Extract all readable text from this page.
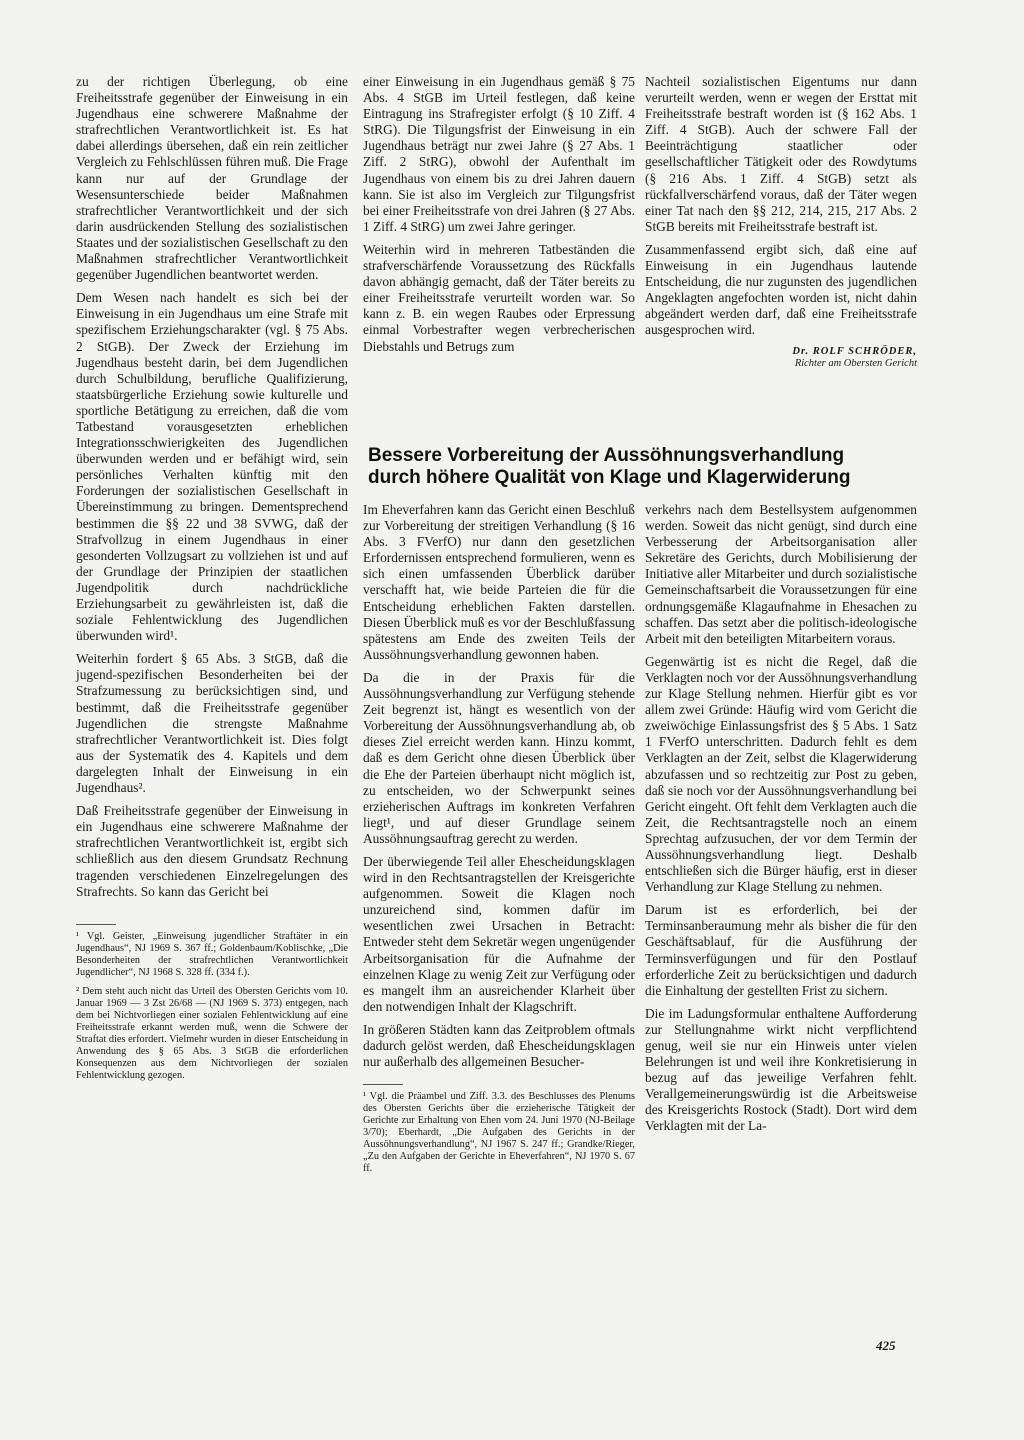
zu der richtigen Überlegung, ob eine Freiheitsstrafe gegenüber der Einweisung in ein Jugendhaus eine schwerere Maßnahme der strafrechtlichen Verantwortlichkeit ist. Es hat dabei allerdings übersehen, daß ein rein zeitlicher Vergleich zu Fehlschlüssen führen muß. Die Frage kann nur auf der Grundlage der Wesensunterschiede beider Maßnahmen strafrechtlicher Verantwortlichkeit und der sich darin ausdrückenden Stellung des sozialistischen Staates und der sozialistischen Gesellschaft zu den Maßnahmen strafrechtlicher Verantwortlichkeit gegenüber Jugendlichen beantwortet werden.

Dem Wesen nach handelt es sich bei der Einweisung in ein Jugendhaus um eine Strafe mit spezifischem Erziehungscharakter (vgl. § 75 Abs. 2 StGB). Der Zweck der Erziehung im Jugendhaus besteht darin, bei dem Jugendlichen durch Schulbildung, berufliche Qualifizierung, staatsbürgerliche Erziehung sowie kulturelle und sportliche Betätigung zu erreichen, daß die vom Tatbestand vorausgesetzten erheblichen Integrationsschwierigkeiten des Jugendlichen überwunden werden und er befähigt wird, sein persönliches Verhalten künftig mit den Forderungen der sozialistischen Gesellschaft in Übereinstimmung zu bringen. Dementsprechend bestimmen die §§ 22 und 38 SVWG, daß der Strafvollzug in einem Jugendhaus in einer gesonderten Vollzugsart zu vollziehen ist und auf der Grundlage der Prinzipien der staatlichen Jugendpolitik durch nachdrückliche Erziehungsarbeit zu gewährleisten ist, daß die soziale Fehlentwicklung des Jugendlichen überwunden wird¹.

Weiterhin fordert § 65 Abs. 3 StGB, daß die jugend-spezifischen Besonderheiten bei der Strafzumessung zu berücksichtigen sind, und bestimmt, daß die Freiheitsstrafe gegenüber Jugendlichen die strengste Maßnahme strafrechtlicher Verantwortlichkeit ist. Dies folgt aus der Systematik des 4. Kapitels und dem dargelegten Inhalt der Einweisung in ein Jugendhaus².

Daß Freiheitsstrafe gegenüber der Einweisung in ein Jugendhaus eine schwerere Maßnahme der strafrechtlichen Verantwortlichkeit ist, ergibt sich schließlich aus den diesem Grundsatz Rechnung tragenden verschiedenen Einzelregelungen des Strafrechts. So kann das Gericht bei

¹ Vgl. Geister, „Einweisung jugendlicher Straftäter in ein Jugendhaus“, NJ 1969 S. 367 ff.; Goldenbaum/Koblischke, „Die Besonderheiten der strafrechtlichen Verantwortlichkeit Jugendlicher“, NJ 1968 S. 328 ff. (334 f.).

² Dem steht auch nicht das Urteil des Obersten Gerichts vom 10. Januar 1969 — 3 Zst 26/68 — (NJ 1969 S. 373) entgegen, nach dem bei Nichtvorliegen einer sozialen Fehlentwicklung auf eine Freiheitsstrafe erkannt werden muß, wenn die Schwere der Straftat dies erfordert. Vielmehr wurden in dieser Entscheidung in Anwendung des § 65 Abs. 3 StGB die erforderlichen Konsequenzen aus dem Nichtvorliegen der sozialen Fehlentwicklung gezogen.

einer Einweisung in ein Jugendhaus gemäß § 75 Abs. 4 StGB im Urteil festlegen, daß keine Eintragung ins Strafregister erfolgt (§ 10 Ziff. 4 StRG). Die Tilgungsfrist der Einweisung in ein Jugendhaus beträgt nur zwei Jahre (§ 27 Abs. 1 Ziff. 2 StRG), obwohl der Aufenthalt im Jugendhaus von einem bis zu drei Jahren dauern kann. Sie ist also im Vergleich zur Tilgungsfrist bei einer Freiheitsstrafe von drei Jahren (§ 27 Abs. 1 Ziff. 4 StRG) um zwei Jahre geringer.

Weiterhin wird in mehreren Tatbeständen die strafverschärfende Voraussetzung des Rückfalls davon abhängig gemacht, daß der Täter bereits zu einer Freiheitsstrafe verurteilt worden war. So kann z. B. ein wegen Raubes oder Erpressung einmal Vorbestrafter wegen verbrecherischen Diebstahls und Betrugs zum

Nachteil sozialistischen Eigentums nur dann verurteilt werden, wenn er wegen der Ersttat mit Freiheitsstrafe bestraft worden ist (§ 162 Abs. 1 Ziff. 4 StGB). Auch der schwere Fall der Beeinträchtigung staatlicher oder gesellschaftlicher Tätigkeit oder des Rowdytums (§ 216 Abs. 1 Ziff. 4 StGB) setzt als rückfallverschärfend voraus, daß der Täter wegen einer Tat nach den §§ 212, 214, 215, 217 Abs. 2 StGB bereits mit Freiheitsstrafe bestraft ist.

Zusammenfassend ergibt sich, daß eine auf Einweisung in ein Jugendhaus lautende Entscheidung, die nur zugunsten des jugendlichen Angeklagten angefochten worden ist, nicht dahin abgeändert werden darf, daß eine Freiheitsstrafe ausgesprochen wird.

Dr. ROLF SCHRÖDER,
Richter am Obersten Gericht
Bessere Vorbereitung der Aussöhnungsverhandlung
durch höhere Qualität von Klage und Klagerwiderung

Im Eheverfahren kann das Gericht einen Beschluß zur Vorbereitung der streitigen Verhandlung (§ 16 Abs. 3 FVerfO) nur dann den gesetzlichen Erfordernissen entsprechend formulieren, wenn es sich einen umfassenden Überblick darüber verschafft hat, wie beide Parteien die für die Entscheidung erheblichen Fakten darstellen. Diesen Überblick muß es vor der Beschlußfassung spätestens am Ende des zweiten Teils der Aussöhnungsverhandlung gewonnen haben.

Da die in der Praxis für die Aussöhnungsverhandlung zur Verfügung stehende Zeit begrenzt ist, hängt es wesentlich von der Vorbereitung der Aussöhnungsverhandlung ab, ob dieses Ziel erreicht werden kann. Hinzu kommt, daß es dem Gericht ohne diesen Überblick über die Ehe der Parteien überhaupt nicht möglich ist, zu entscheiden, wo der Schwerpunkt seines erzieherischen Auftrags im konkreten Verfahren liegt¹, und auf dieser Grundlage seinem Aussöhnungsauftrag gerecht zu werden.

Der überwiegende Teil aller Ehescheidungsklagen wird in den Rechtsantragstellen der Kreisgerichte aufgenommen. Soweit die Klagen noch unzureichend sind, kommen dafür im wesentlichen zwei Ursachen in Betracht: Entweder steht dem Sekretär wegen ungenügender Arbeitsorganisation für die Aufnahme der einzelnen Klage zu wenig Zeit zur Verfügung oder es mangelt ihm an ausreichender Klarheit über den notwendigen Inhalt der Klagschrift.

In größeren Städten kann das Zeitproblem oftmals dadurch gelöst werden, daß Ehescheidungsklagen nur außerhalb des allgemeinen Besucher-

¹ Vgl. die Präambel und Ziff. 3.3. des Beschlusses des Plenums des Obersten Gerichts über die erzieherische Tätigkeit der Gerichte zur Erhaltung von Ehen vom 24. Juni 1970 (NJ-Beilage 3/70); Eberhardt, „Die Aufgaben des Gerichts in der Aussöhnungsverhandlung“, NJ 1967 S. 247 ff.; Grandke/Rieger, „Zu den Aufgaben der Gerichte in Eheverfahren“, NJ 1970 S. 67 ff.

verkehrs nach dem Bestellsystem aufgenommen werden. Soweit das nicht genügt, sind durch eine Verbesserung der Arbeitsorganisation aller Sekretäre des Gerichts, durch Mobilisierung der Initiative aller Mitarbeiter und durch sozialistische Gemeinschaftsarbeit die Voraussetzungen für eine ordnungsgemäße Klagaufnahme in Ehesachen zu schaffen. Das setzt aber die politisch-ideologische Arbeit mit den beteiligten Mitarbeitern voraus.

Gegenwärtig ist es nicht die Regel, daß die Verklagten noch vor der Aussöhnungsverhandlung zur Klage Stellung nehmen. Hierfür gibt es vor allem zwei Gründe: Häufig wird vom Gericht die zweiwöchige Einlassungsfrist des § 5 Abs. 1 Satz 1 FVerfO unterschritten. Dadurch fehlt es dem Verklagten an der Zeit, selbst die Klagerwiderung abzufassen und so rechtzeitig zur Post zu geben, daß sie noch vor der Aussöhnungsverhandlung bei Gericht eingeht. Oft fehlt dem Verklagten auch die Zeit, die Rechtsantragstelle noch an einem Sprechtag aufzusuchen, der vor dem Termin der Aussöhnungsverhandlung liegt. Deshalb entschließen sich die Bürger häufig, erst in dieser Verhandlung zur Klage Stellung zu nehmen.

Darum ist es erforderlich, bei der Terminsanberaumung mehr als bisher die für den Geschäftsablauf, für die Ausführung der Terminsverfügungen und für den Postlauf erforderliche Zeit zu berücksichtigen und dadurch die Einhaltung der gestellten Frist zu sichern.

Die im Ladungsformular enthaltene Aufforderung zur Stellungnahme wirkt nicht verpflichtend genug, weil sie nur ein Hinweis unter vielen Belehrungen ist und weil ihre Konkretisierung in bezug auf das jeweilige Verfahren fehlt. Verallgemeinerungswürdig ist die Arbeitsweise des Kreisgerichts Rostock (Stadt). Dort wird dem Verklagten mit der La-

425
